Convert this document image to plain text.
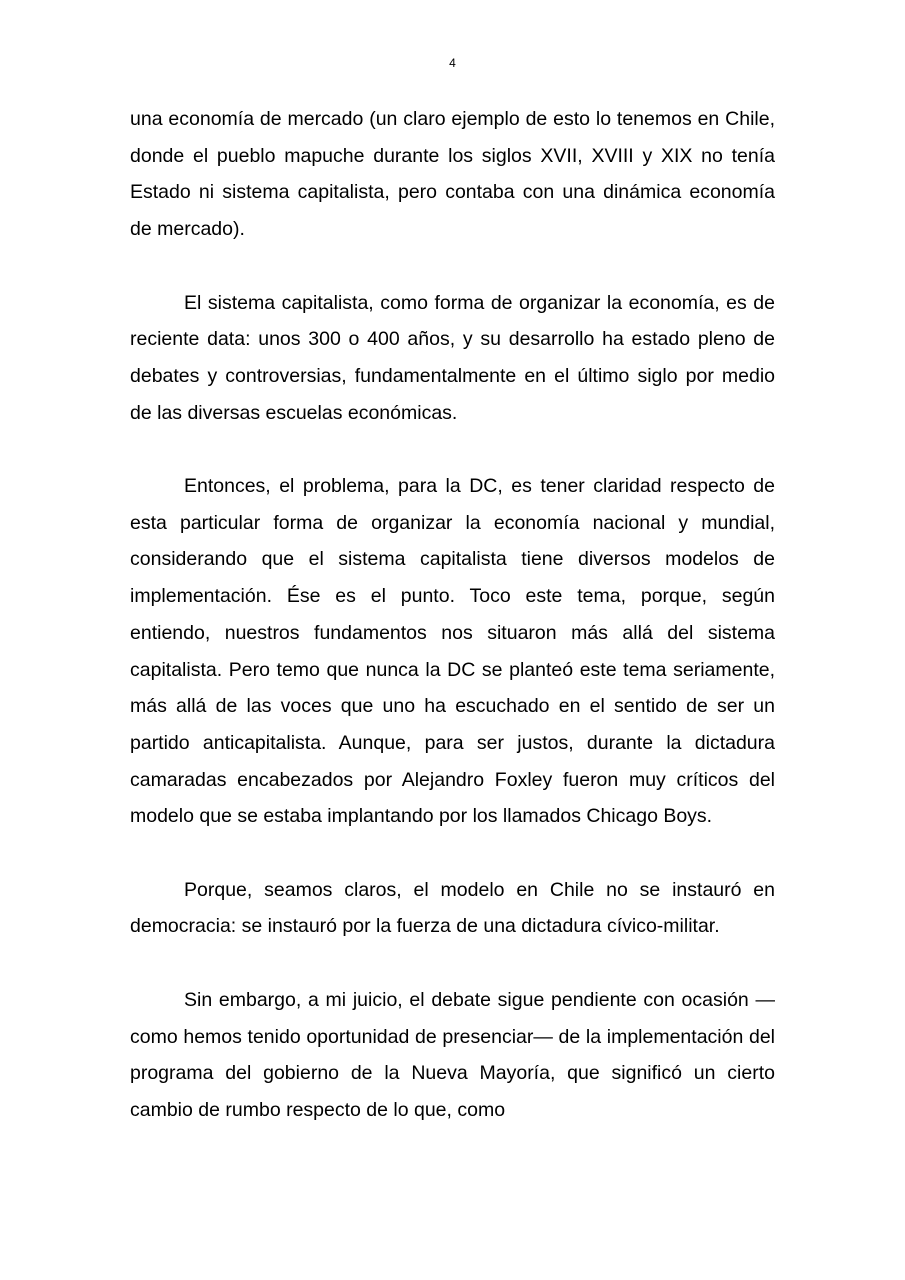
4

una economía de mercado (un claro ejemplo de esto lo tenemos en Chile, donde el pueblo mapuche durante los siglos XVII, XVIII y XIX no tenía Estado ni sistema capitalista, pero contaba con una dinámica economía de mercado).

El sistema capitalista, como forma de organizar la economía, es de reciente data: unos 300 o 400 años, y su desarrollo ha estado pleno de debates y controversias, fundamentalmente en el último siglo por medio de las diversas escuelas económicas.

Entonces, el problema, para la DC, es tener claridad respecto de esta particular forma de organizar la economía nacional y mundial, considerando que el sistema capitalista tiene diversos modelos de implementación. Ése es el punto. Toco este tema, porque, según entiendo, nuestros fundamentos nos situaron más allá del sistema capitalista. Pero temo que nunca la DC se planteó este tema seriamente, más allá de las voces que uno ha escuchado en el sentido de ser un partido anticapitalista. Aunque, para ser justos, durante la dictadura camaradas encabezados por Alejandro Foxley fueron muy críticos del modelo que se estaba implantando por los llamados Chicago Boys.

Porque, seamos claros, el modelo en Chile no se instauró en democracia: se instauró por la fuerza de una dictadura cívico-militar.

Sin embargo, a mi juicio, el debate sigue pendiente con ocasión —como hemos tenido oportunidad de presenciar— de la implementación del programa del gobierno de la Nueva Mayoría, que significó un cierto cambio de rumbo respecto de lo que, como
